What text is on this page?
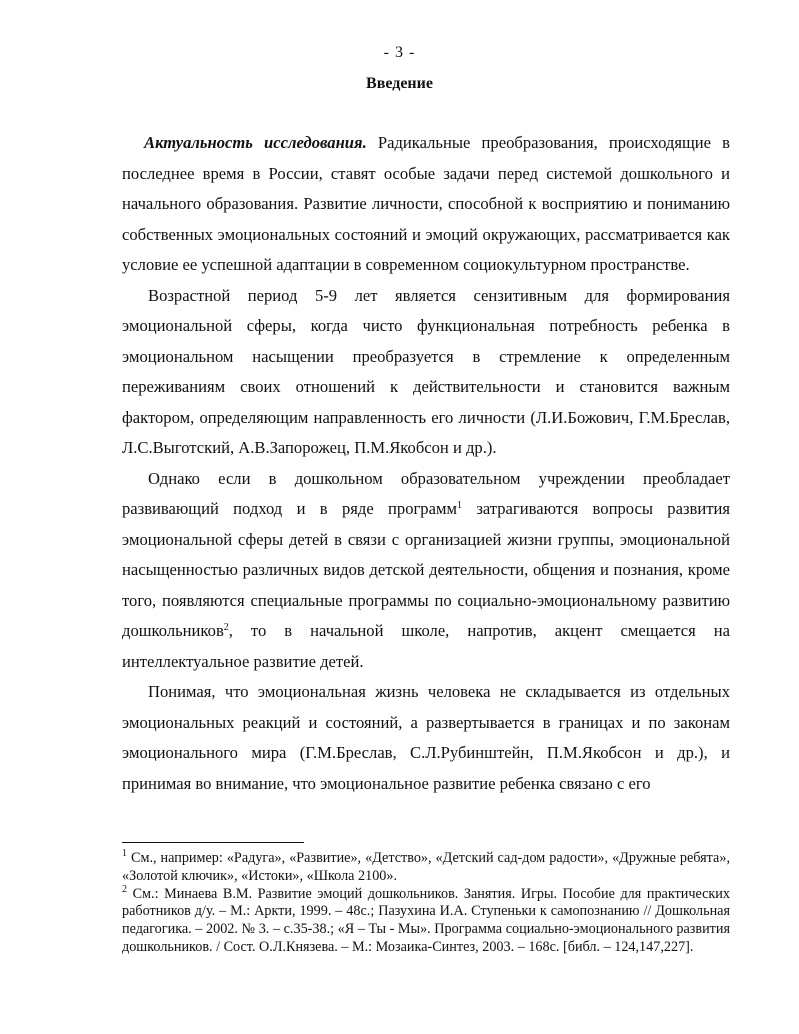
- 3 -
Введение

Актуальность исследования. Радикальные преобразования, происходящие в последнее время в России, ставят особые задачи перед системой дошкольного и начального образования. Развитие личности, способной к восприятию и пониманию собственных эмоциональных состояний и эмоций окружающих, рассматривается как условие ее успешной адаптации в современном социокультурном пространстве.

Возрастной период 5-9 лет является сензитивным для формирования эмоциональной сферы, когда чисто функциональная потребность ребенка в эмоциональном насыщении преобразуется в стремление к определенным переживаниям своих отношений к действительности и становится важным фактором, определяющим направленность его личности (Л.И.Божович, Г.М.Бреслав, Л.С.Выготский, А.В.Запорожец, П.М.Якобсон и др.).

Однако если в дошкольном образовательном учреждении преобладает развивающий подход и в ряде программ$^1$ затрагиваются вопросы развития эмоциональной сферы детей в связи с организацией жизни группы, эмоциональной насыщенностью различных видов детской деятельности, общения и познания, кроме того, появляются специальные программы по социально-эмоциональному развитию дошкольников$^2$, то в начальной школе, напротив, акцент смещается на интеллектуальное развитие детей.

Понимая, что эмоциональная жизнь человека не складывается из отдельных эмоциональных реакций и состояний, а развертывается в границах и по законам эмоционального мира (Г.М.Бреслав, С.Л.Рубинштейн, П.М.Якобсон и др.), и принимая во внимание, что эмоциональное развитие ребенка связано с его

$^1$ См., например: «Радуга», «Развитие», «Детство», «Детский сад-дом радости», «Дружные ребята», «Золотой ключик», «Истоки», «Школа 2100».

$^2$ См.: Минаева В.М. Развитие эмоций дошкольников. Занятия. Игры. Пособие для практических работников д/у. – М.: Аркти, 1999. – 48с.; Пазухина И.А. Ступеньки к самопознанию // Дошкольная педагогика. – 2002. № 3. – с.35-38.; «Я – Ты - Мы». Программа социально-эмоционального развития дошкольников. / Сост. О.Л.Князева. – М.: Мозаика-Синтез, 2003. – 168с. [библ. – 124,147,227].
